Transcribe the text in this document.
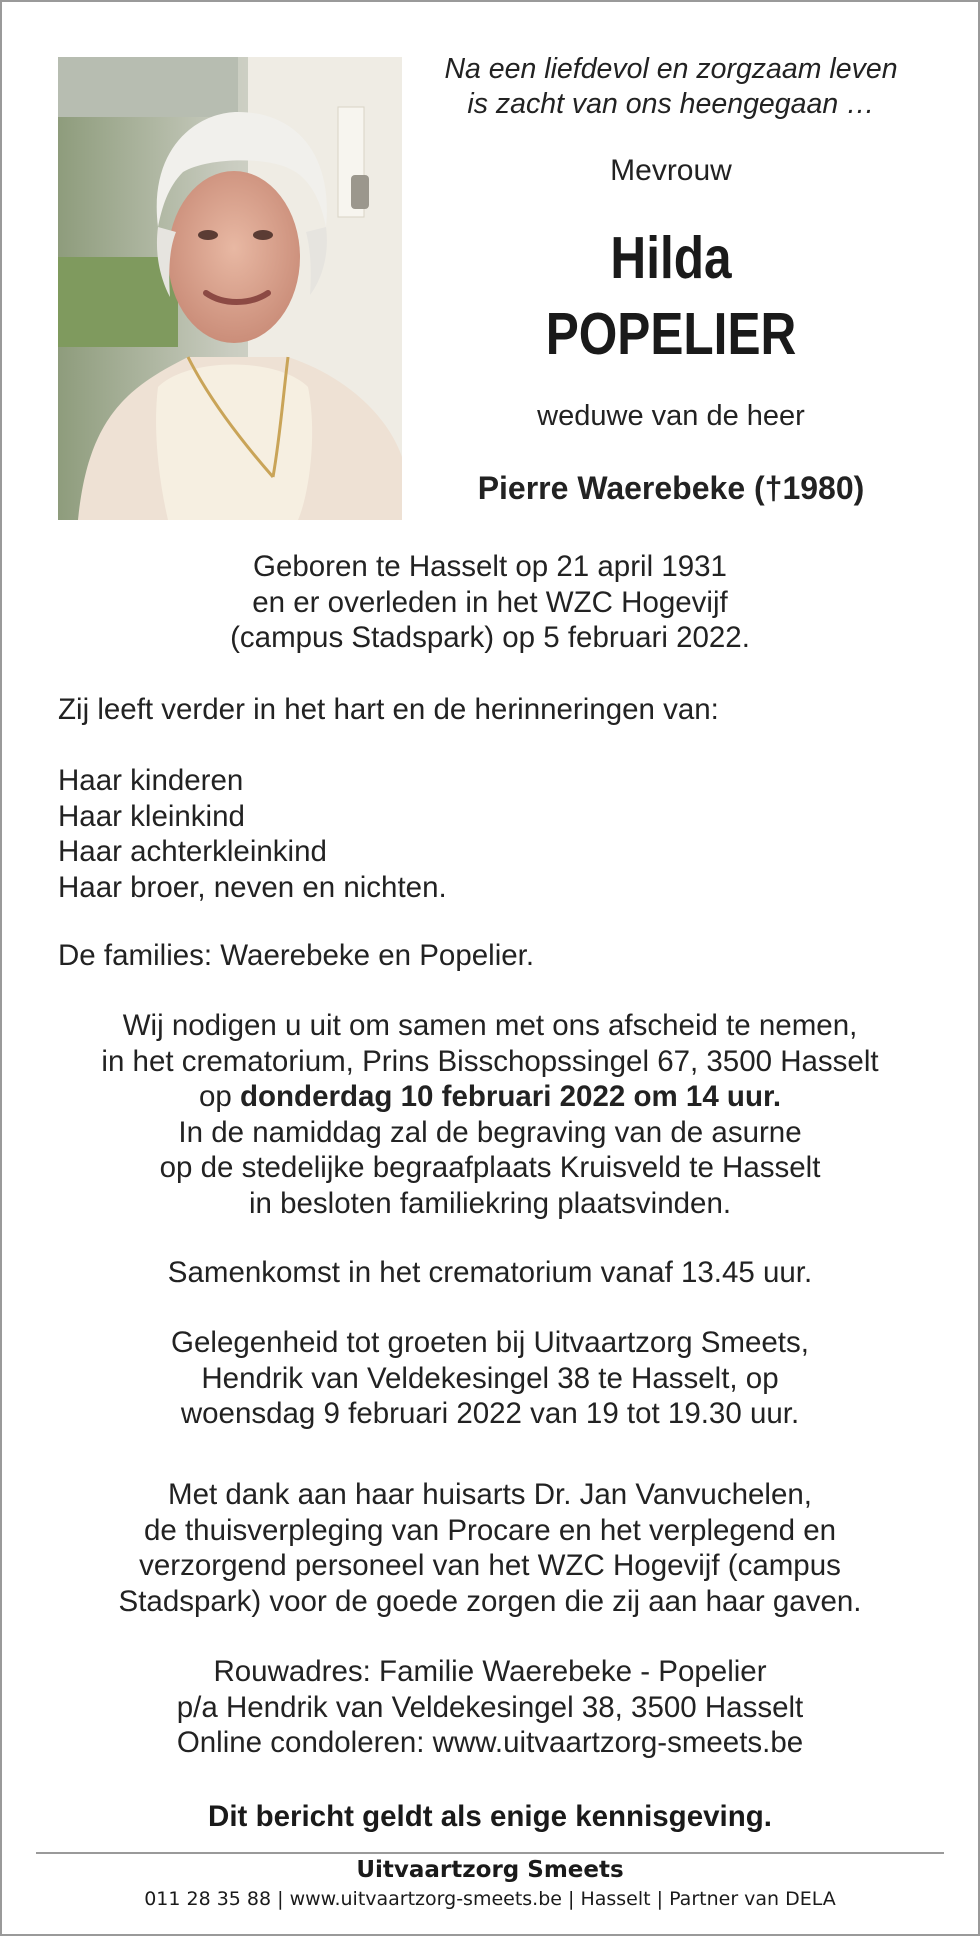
Na een liefdevol en zorgzaam leven
is zacht van ons heengegaan …
Mevrouw
Hilda
POPELIER
weduwe van de heer
Pierre Waerebeke (†1980)
Geboren te Hasselt op 21 april 1931
en er overleden in het WZC Hogevijf
(campus Stadspark) op 5 februari 2022.
Zij leeft verder in het hart en de herinneringen van:
Haar kinderen
Haar kleinkind
Haar achterkleinkind
Haar broer, neven en nichten.
De families: Waerebeke en Popelier.
Wij nodigen u uit om samen met ons afscheid te nemen,
in het crematorium, Prins Bisschopssingel 67, 3500 Hasselt
op donderdag 10 februari 2022 om 14 uur.
In de namiddag zal de begraving van de asurne
op de stedelijke begraafplaats Kruisveld te Hasselt
in besloten familiekring plaatsvinden.
Samenkomst in het crematorium vanaf 13.45 uur.
Gelegenheid tot groeten bij Uitvaartzorg Smeets,
Hendrik van Veldekesingel 38 te Hasselt, op
woensdag 9 februari 2022 van 19 tot 19.30 uur.
Met dank aan haar huisarts Dr. Jan Vanvuchelen,
de thuisverpleging van Procare en het verplegend en
verzorgend personeel van het WZC Hogevijf (campus
Stadspark) voor de goede zorgen die zij aan haar gaven.
Rouwadres: Familie Waerebeke - Popelier
p/a Hendrik van Veldekesingel 38, 3500 Hasselt
Online condoleren: www.uitvaartzorg-smeets.be
Dit bericht geldt als enige kennisgeving.
Uitvaartzorg Smeets
011 28 35 88 | www.uitvaartzorg-smeets.be | Hasselt | Partner van DELA
